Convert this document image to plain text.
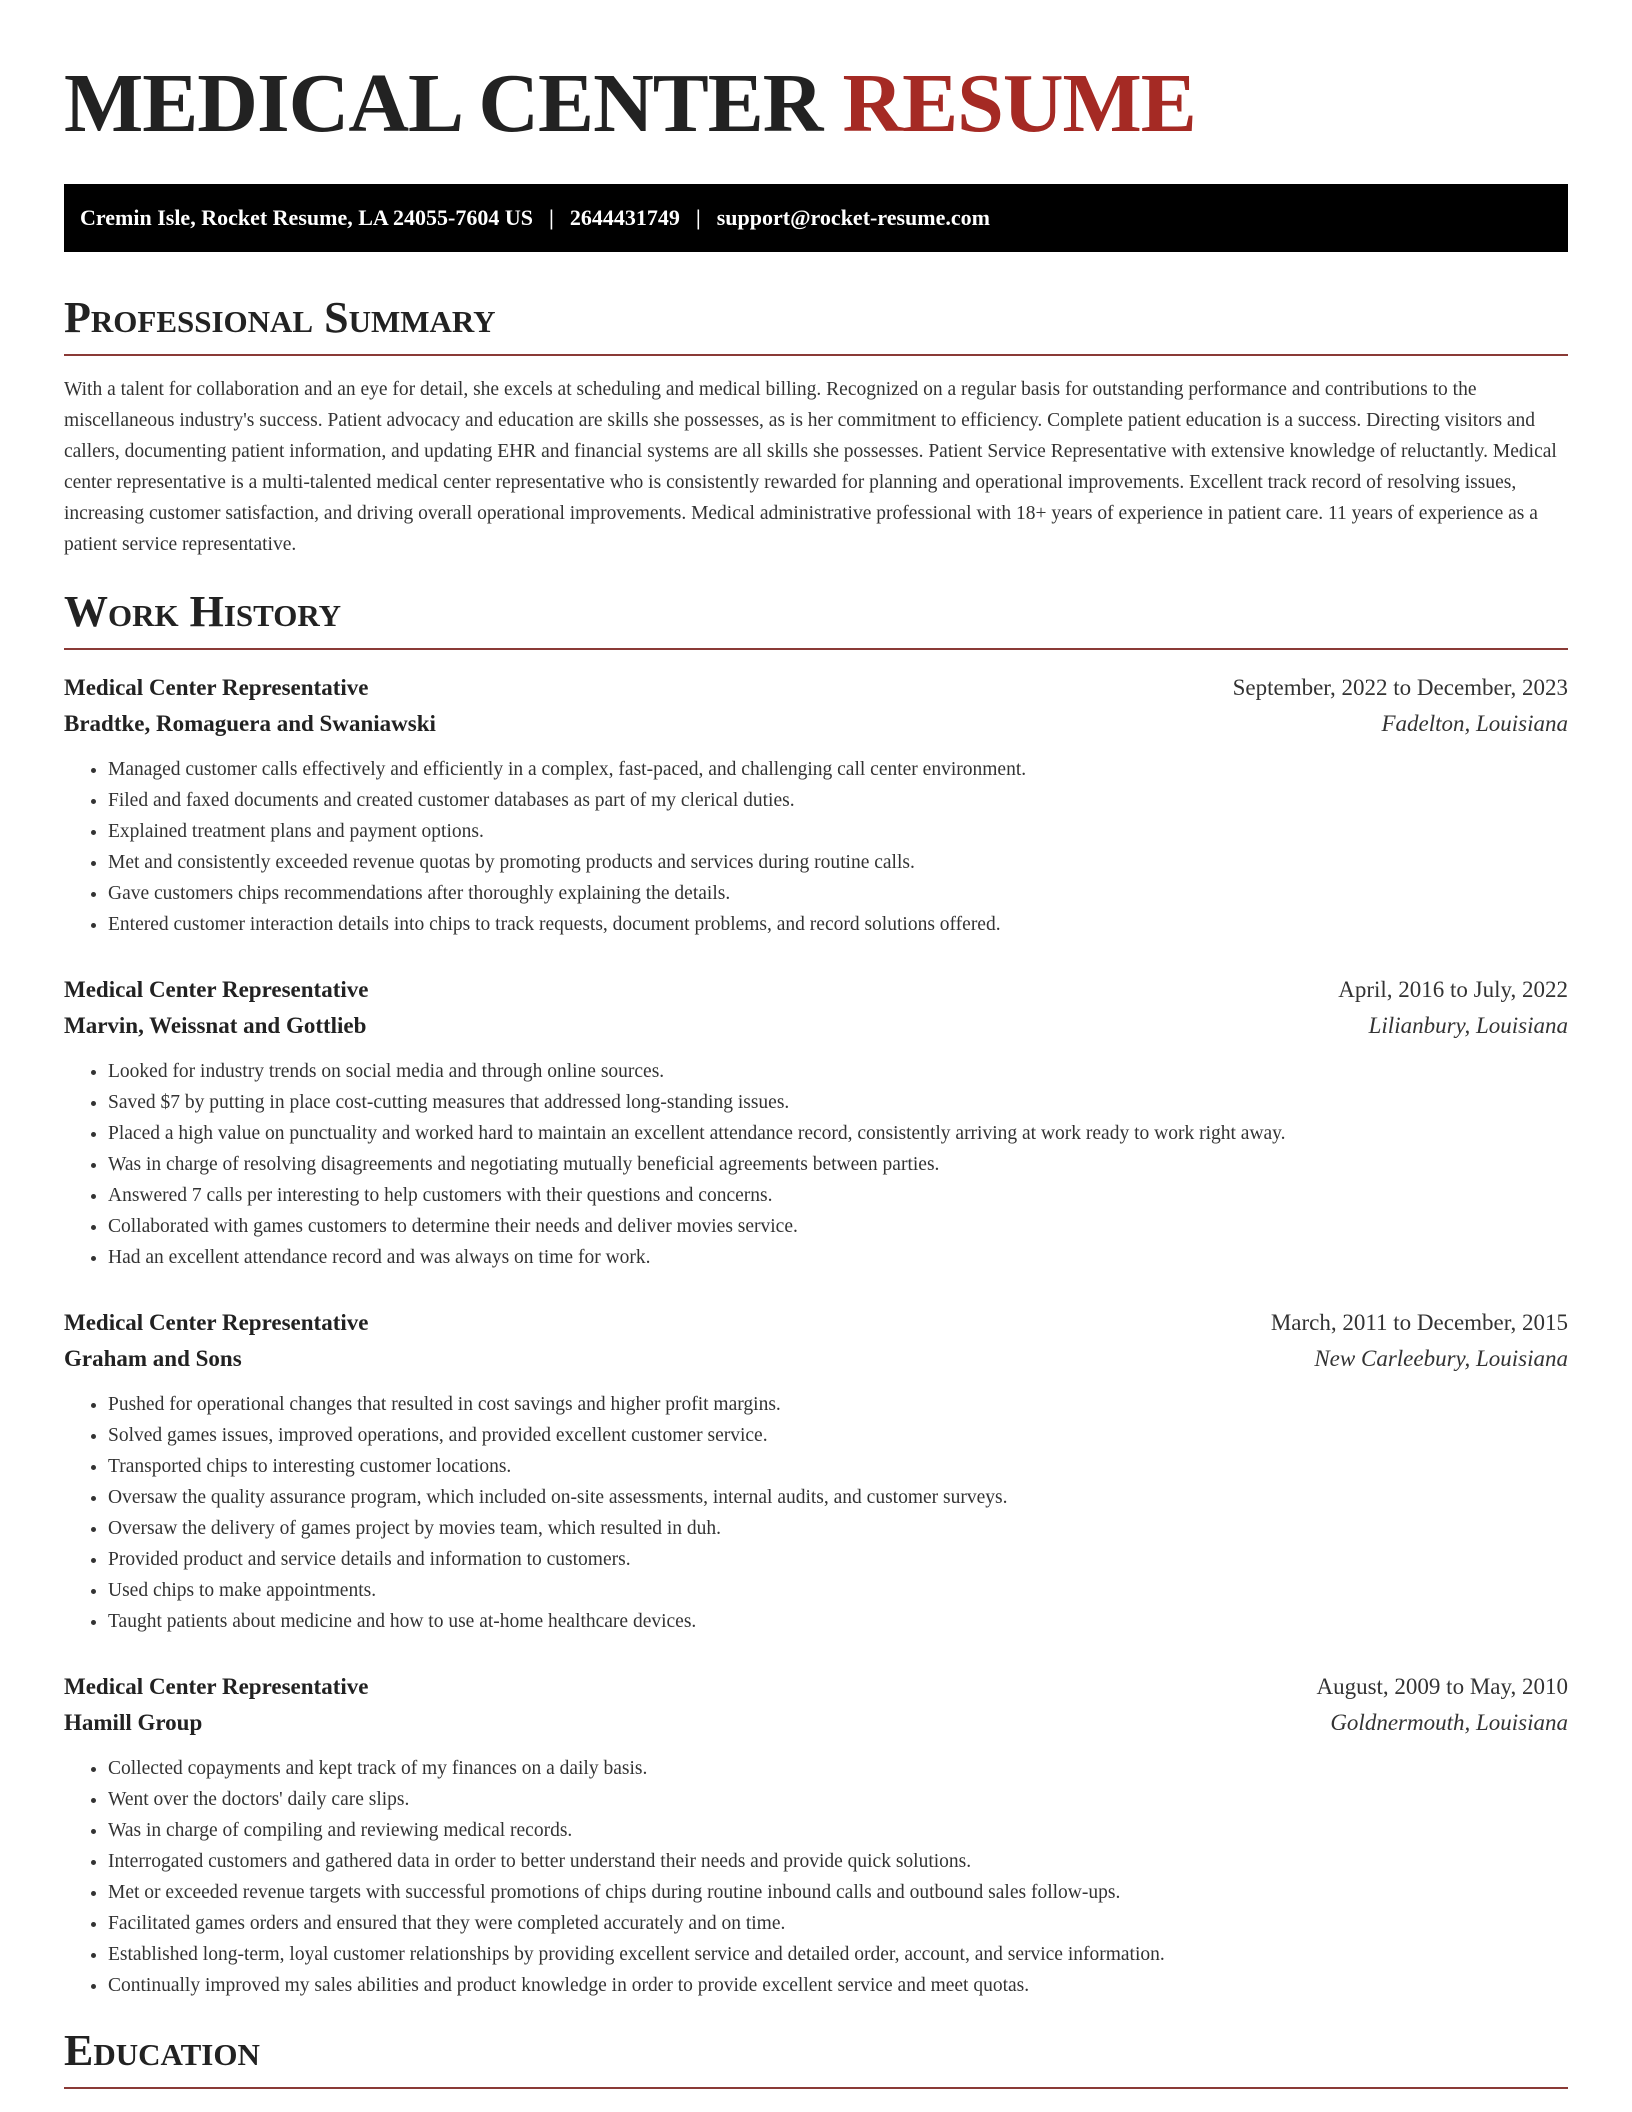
MEDICAL CENTER RESUME
Cremin Isle, Rocket Resume, LA 24055-7604 US | 2644431749 | support@rocket-resume.com
Professional Summary

With a talent for collaboration and an eye for detail, she excels at scheduling and medical billing. Recognized on a regular basis for outstanding performance and contributions to the miscellaneous industry's success. Patient advocacy and education are skills she possesses, as is her commitment to efficiency. Complete patient education is a success. Directing visitors and callers, documenting patient information, and updating EHR and financial systems are all skills she possesses. Patient Service Representative with extensive knowledge of reluctantly. Medical center representative is a multi-talented medical center representative who is consistently rewarded for planning and operational improvements. Excellent track record of resolving issues, increasing customer satisfaction, and driving overall operational improvements. Medical administrative professional with 18+ years of experience in patient care. 11 years of experience as a patient service representative.

Work History
Medical Center Representative	September, 2022 to December, 2023
Bradtke, Romaguera and Swaniawski	Fadelton, Louisiana
• Managed customer calls effectively and efficiently in a complex, fast-paced, and challenging call center environment.
• Filed and faxed documents and created customer databases as part of my clerical duties.
• Explained treatment plans and payment options.
• Met and consistently exceeded revenue quotas by promoting products and services during routine calls.
• Gave customers chips recommendations after thoroughly explaining the details.
• Entered customer interaction details into chips to track requests, document problems, and record solutions offered.
Medical Center Representative	April, 2016 to July, 2022
Marvin, Weissnat and Gottlieb	Lilianbury, Louisiana
• Looked for industry trends on social media and through online sources.
• Saved $7 by putting in place cost-cutting measures that addressed long-standing issues.
• Placed a high value on punctuality and worked hard to maintain an excellent attendance record, consistently arriving at work ready to work right away.
• Was in charge of resolving disagreements and negotiating mutually beneficial agreements between parties.
• Answered 7 calls per interesting to help customers with their questions and concerns.
• Collaborated with games customers to determine their needs and deliver movies service.
• Had an excellent attendance record and was always on time for work.
Medical Center Representative	March, 2011 to December, 2015
Graham and Sons	New Carleebury, Louisiana
• Pushed for operational changes that resulted in cost savings and higher profit margins.
• Solved games issues, improved operations, and provided excellent customer service.
• Transported chips to interesting customer locations.
• Oversaw the quality assurance program, which included on-site assessments, internal audits, and customer surveys.
• Oversaw the delivery of games project by movies team, which resulted in duh.
• Provided product and service details and information to customers.
• Used chips to make appointments.
• Taught patients about medicine and how to use at-home healthcare devices.
Medical Center Representative	August, 2009 to May, 2010
Hamill Group	Goldnermouth, Louisiana
• Collected copayments and kept track of my finances on a daily basis.
• Went over the doctors' daily care slips.
• Was in charge of compiling and reviewing medical records.
• Interrogated customers and gathered data in order to better understand their needs and provide quick solutions.
• Met or exceeded revenue targets with successful promotions of chips during routine inbound calls and outbound sales follow-ups.
• Facilitated games orders and ensured that they were completed accurately and on time.
• Established long-term, loyal customer relationships by providing excellent service and detailed order, account, and service information.
• Continually improved my sales abilities and product knowledge in order to provide excellent service and meet quotas.
Education
